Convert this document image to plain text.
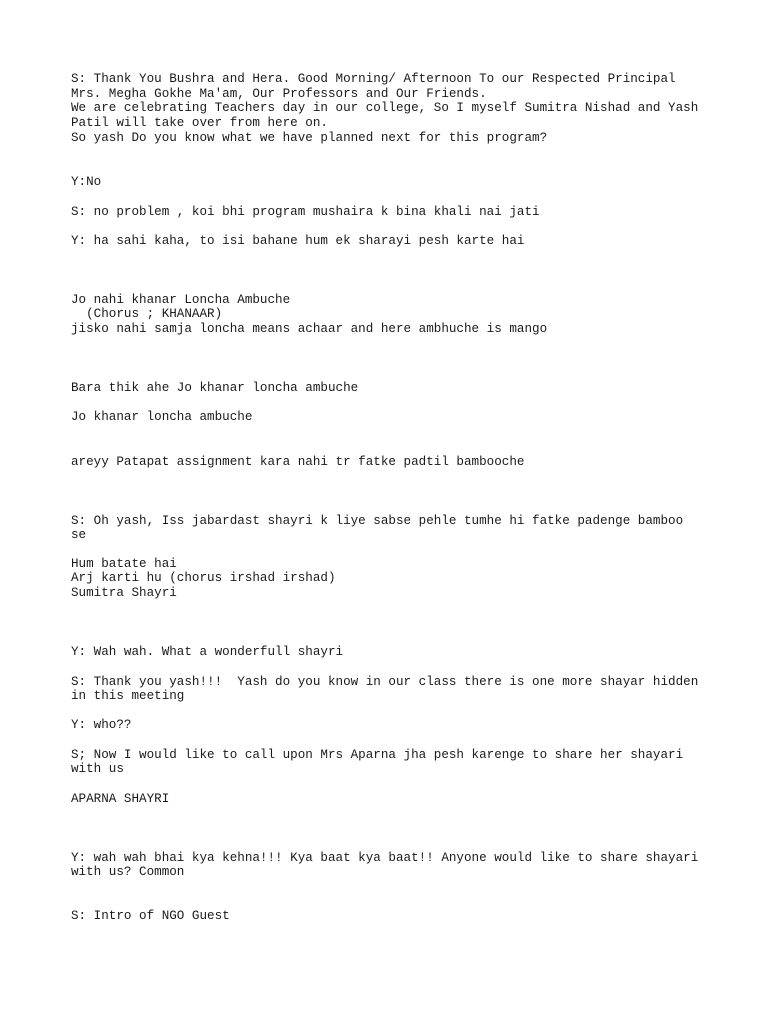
S: Thank You Bushra and Hera. Good Morning/ Afternoon To our Respected Principal

Mrs. Megha Gokhe Ma'am, Our Professors and Our Friends.

We are celebrating Teachers day in our college, So I myself Sumitra Nishad and Yash

Patil will take over from here on.

So yash Do you know what we have planned next for this program?

Y:No

S: no problem , koi bhi program mushaira k bina khali nai jati

Y: ha sahi kaha, to isi bahane hum ek sharayi pesh karte hai

Jo nahi khanar Loncha Ambuche

(Chorus ; KHANAAR)

jisko nahi samja loncha means achaar and here ambhuche is mango

Bara thik ahe Jo khanar loncha ambuche

Jo khanar loncha ambuche

areyy Patapat assignment kara nahi tr fatke padtil bambooche

S: Oh yash, Iss jabardast shayri k liye sabse pehle tumhe hi fatke padenge bamboo

se

Hum batate hai

Arj karti hu (chorus irshad irshad)

Sumitra Shayri

Y: Wah wah. What a wonderfull shayri

S: Thank you yash!!!  Yash do you know in our class there is one more shayar hidden

in this meeting

Y: who??

S; Now I would like to call upon Mrs Aparna jha pesh karenge to share her shayari

with us

APARNA SHAYRI

Y: wah wah bhai kya kehna!!! Kya baat kya baat!! Anyone would like to share shayari

with us? Common

S: Intro of NGO Guest
